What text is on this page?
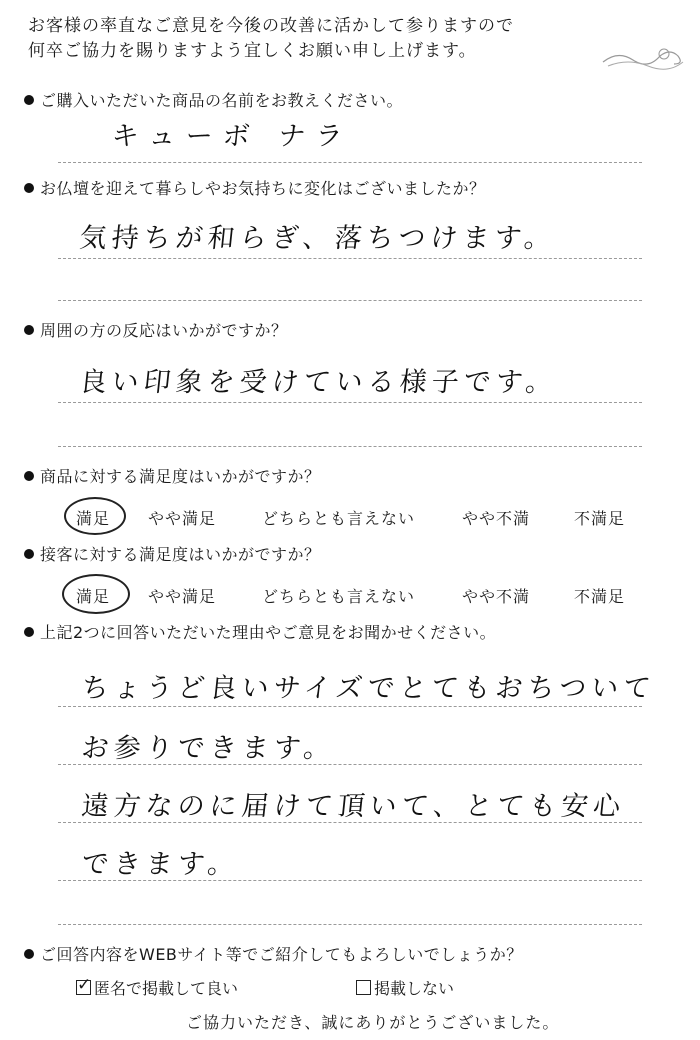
お客様の率直なご意見を今後の改善に活かして参りますので
何卒ご協力を賜りますよう宜しくお願い申し上げます。
ご購入いただいた商品の名前をお教えください。
キューボ ナラ
お仏壇を迎えて暮らしやお気持ちに変化はございましたか？
気持ちが和らぎ、落ちつけます。
周囲の方の反応はいかがですか？
良い印象を受けている様子です。
商品に対する満足度はいかがですか？
満足 やや満足	どちらとも言えない	やや不満	不満足
接客に対する満足度はいかがですか？
満足 やや満足	どちらとも言えない	やや不満	不満足
上記2つに回答いただいた理由やご意見をお聞かせください。
ちょうど良いサイズでとてもおちついて
お参りできます。
遠方なのに届けて頂いて、とても安心
できます。
ご回答内容をWEBサイト等でご紹介してもよろしいでしょうか？
✓ 匿名で掲載して良い	掲載しない
ご協力いただき、誠にありがとうございました。
